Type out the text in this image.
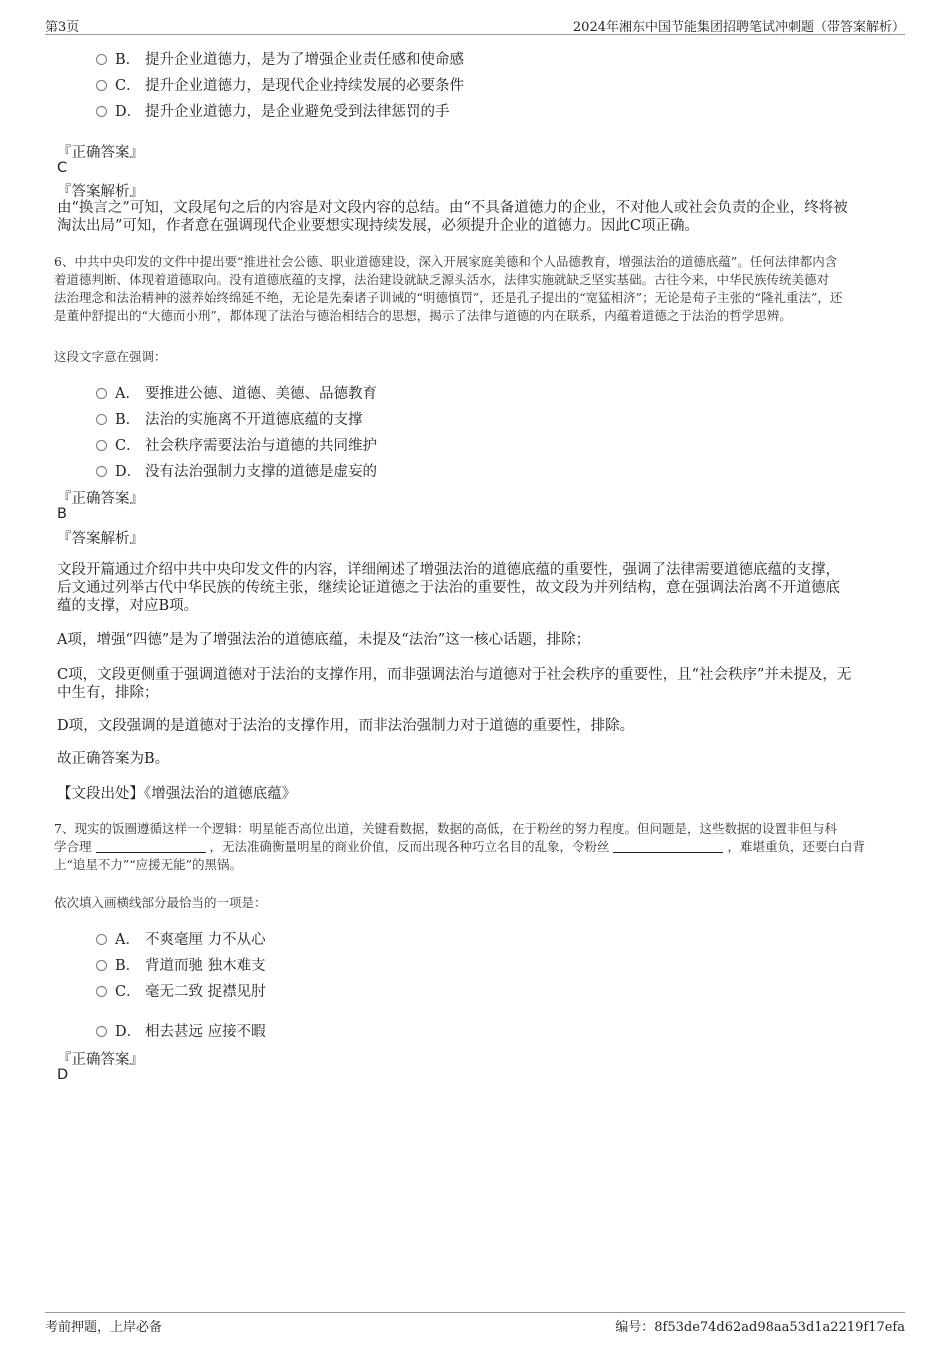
第3页	2024年湘东中国节能集团招聘笔试冲刺题（带答案解析）
B． 提升企业道德力，是为了增强企业责任感和使命感
C． 提升企业道德力，是现代企业持续发展的必要条件
D． 提升企业道德力，是企业避免受到法律惩罚的手
『正确答案』
C
『答案解析』
由“换言之”可知，文段尾句之后的内容是对文段内容的总结。由“不具备道德力的企业，不对他人或社会负责的企业，终将被
淘汰出局”可知，作者意在强调现代企业要想实现持续发展，必须提升企业的道德力。因此C项正确。
6、中共中央印发的文件中提出要“推进社会公德、职业道德建设，深入开展家庭美德和个人品德教育，增强法治的道德底蕴”。任何法律都内含
着道德判断、体现着道德取向。没有道德底蕴的支撑，法治建设就缺乏源头活水，法律实施就缺乏坚实基础。古往今来，中华民族传统美德对
法治理念和法治精神的滋养始终绵延不绝，无论是先秦诸子训诫的“明德慎罚”，还是孔子提出的“宽猛相济”；无论是荀子主张的“隆礼重法”，还
是董仲舒提出的“大德而小刑”，都体现了法治与德治相结合的思想，揭示了法律与道德的内在联系，内蕴着道德之于法治的哲学思辨。
这段文字意在强调：
A． 要推进公德、道德、美德、品德教育
B． 法治的实施离不开道德底蕴的支撑
C． 社会秩序需要法治与道德的共同维护
D． 没有法治强制力支撑的道德是虚妄的
『正确答案』
B
『答案解析』
文段开篇通过介绍中共中央印发文件的内容，详细阐述了增强法治的道德底蕴的重要性，强调了法律需要道德底蕴的支撑，
后文通过列举古代中华民族的传统主张，继续论证道德之于法治的重要性，故文段为并列结构，意在强调法治离不开道德底
蕴的支撑，对应B项。
A项，增强“四德”是为了增强法治的道德底蕴，未提及“法治”这一核心话题，排除；
C项，文段更侧重于强调道德对于法治的支撑作用，而非强调法治与道德对于社会秩序的重要性，且“社会秩序”并未提及，无
中生有，排除；
D项，文段强调的是道德对于法治的支撑作用，而非法治强制力对于道德的重要性，排除。
故正确答案为B。
【文段出处】《增强法治的道德底蕴》
7、现实的饭圈遵循这样一个逻辑：明星能否高位出道，关键看数据，数据的高低，在于粉丝的努力程度。但问题是，这些数据的设置非但与科
学合理	，无法准确衡量明星的商业价值，反而出现各种巧立名目的乱象，令粉丝	，难堪重负，还要白白背
上“追星不力”“应援无能”的黑锅。
依次填入画横线部分最恰当的一项是：
A． 不爽毫厘 力不从心
B． 背道而驰 独木难支
C． 毫无二致 捉襟见肘
D． 相去甚远 应接不暇
『正确答案』
D
考前押题，上岸必备	编号：8f53de74d62ad98aa53d1a2219f17efa
